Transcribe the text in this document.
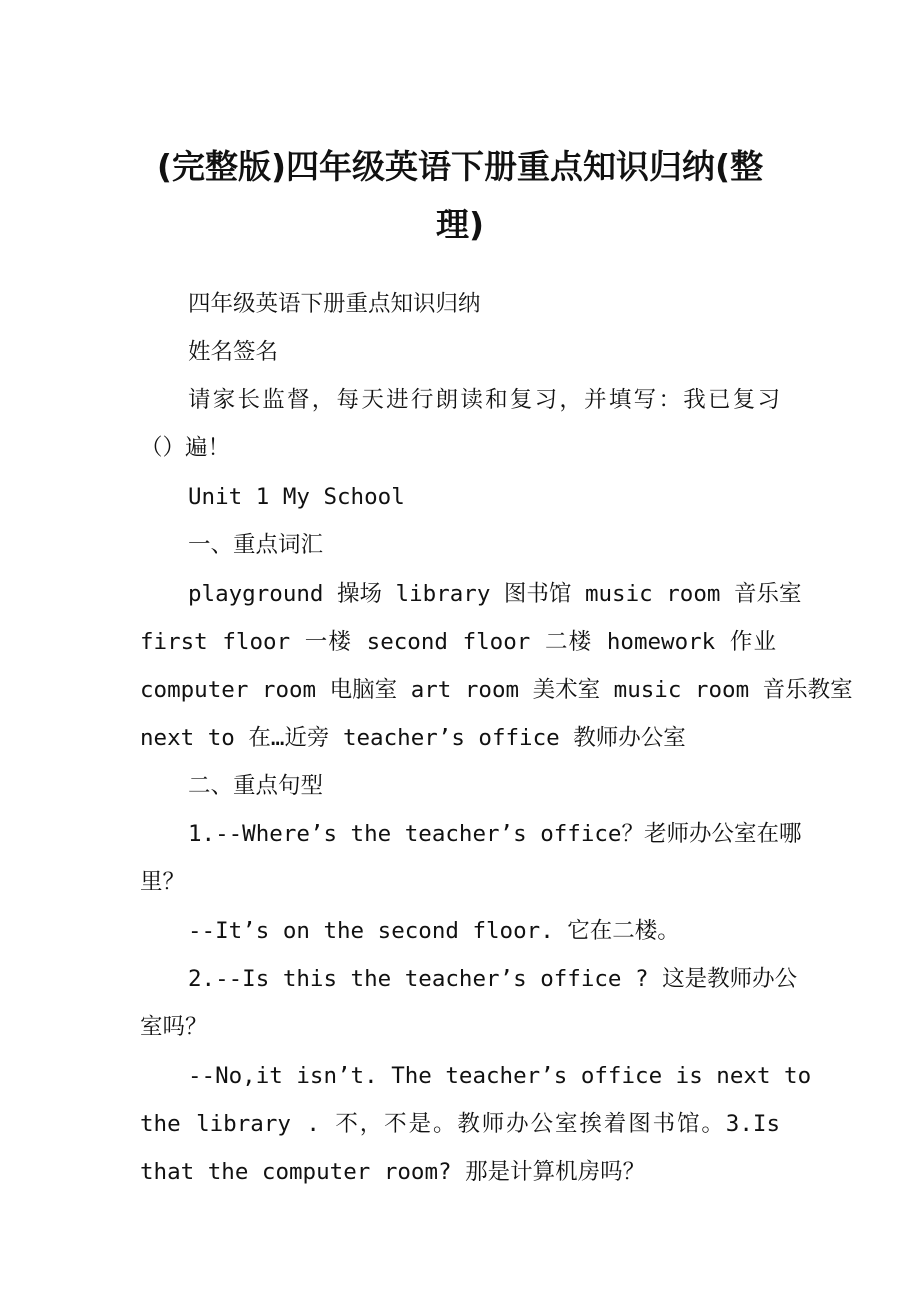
(完整版)四年级英语下册重点知识归纳(整
理)

四年级英语下册重点知识归纳

姓名签名

请家长监督，每天进行朗读和复习，并填写：我已复习

（）遍！

Unit 1 My School

一、重点词汇

playground 操场 library 图书馆 music room 音乐室

first floor 一楼 second floor 二楼 homework 作业

computer room 电脑室 art room 美术室 music room 音乐教室

next to 在…近旁 teacher’s office 教师办公室

二、重点句型

1.--Where’s the teacher’s office？老师办公室在哪

里？

--It’s on the second floor. 它在二楼。

2.--Is this the teacher’s office ? 这是教师办公

室吗？

--No,it isn’t. The teacher’s office is next to

the library . 不，不是。教师办公室挨着图书馆。3.Is

that the computer room? 那是计算机房吗？
